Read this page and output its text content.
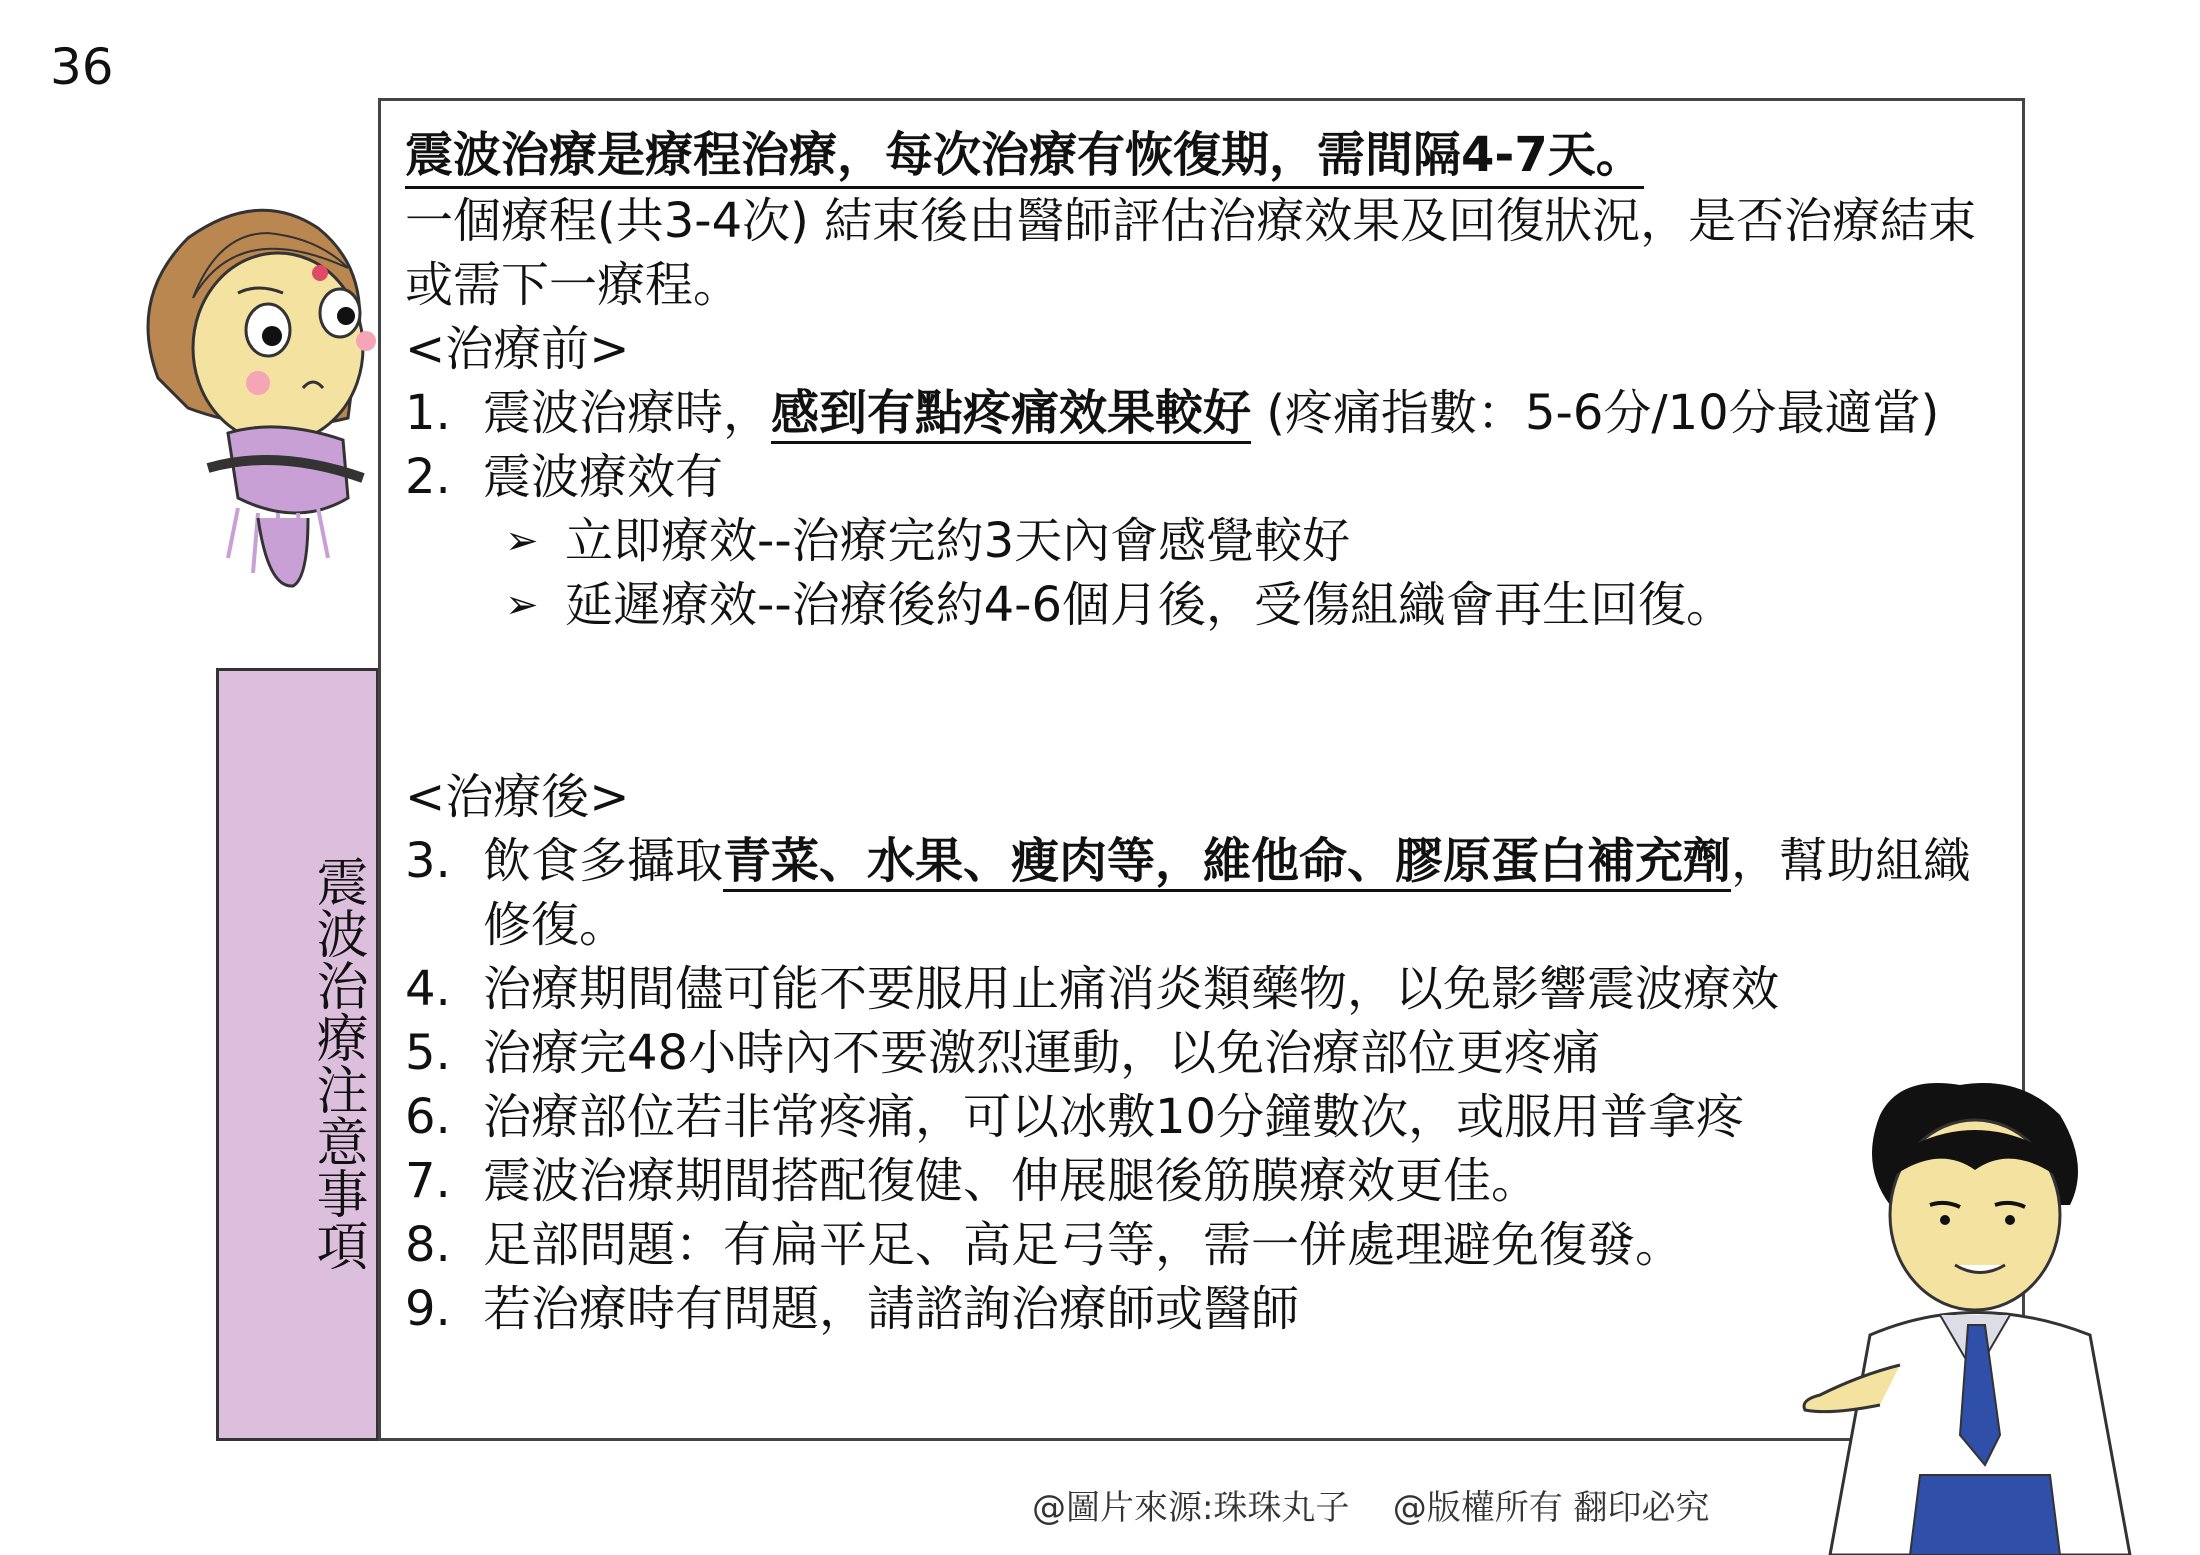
36
震波治療注意事項
震波治療是療程治療，每次治療有恢復期，需間隔4-7天。

一個療程(共3-4次) 結束後由醫師評估治療效果及回復狀況，是否治療結束或需下一療程。

<治療前>

1. 震波治療時，感到有點疼痛效果較好 (疼痛指數：5-6分/10分最適當)
2. 震波療效有
➢ 立即療效--治療完約3天內會感覺較好
➢ 延遲療效--治療後約4-6個月後，受傷組織會再生回復。

<治療後>

3. 飲食多攝取青菜、水果、瘦肉等，維他命、膠原蛋白補充劑，幫助組織修復。
4. 治療期間儘可能不要服用止痛消炎類藥物，以免影響震波療效
5. 治療完48小時內不要激烈運動，以免治療部位更疼痛
6. 治療部位若非常疼痛，可以冰敷10分鐘數次，或服用普拿疼
7. 震波治療期間搭配復健、伸展腿後筋膜療效更佳。
8. 足部問題：有扁平足、高足弓等，需一併處理避免復發。
9. 若治療時有問題，請諮詢治療師或醫師
@圖片來源:珠珠丸子 @版權所有 翻印必究
